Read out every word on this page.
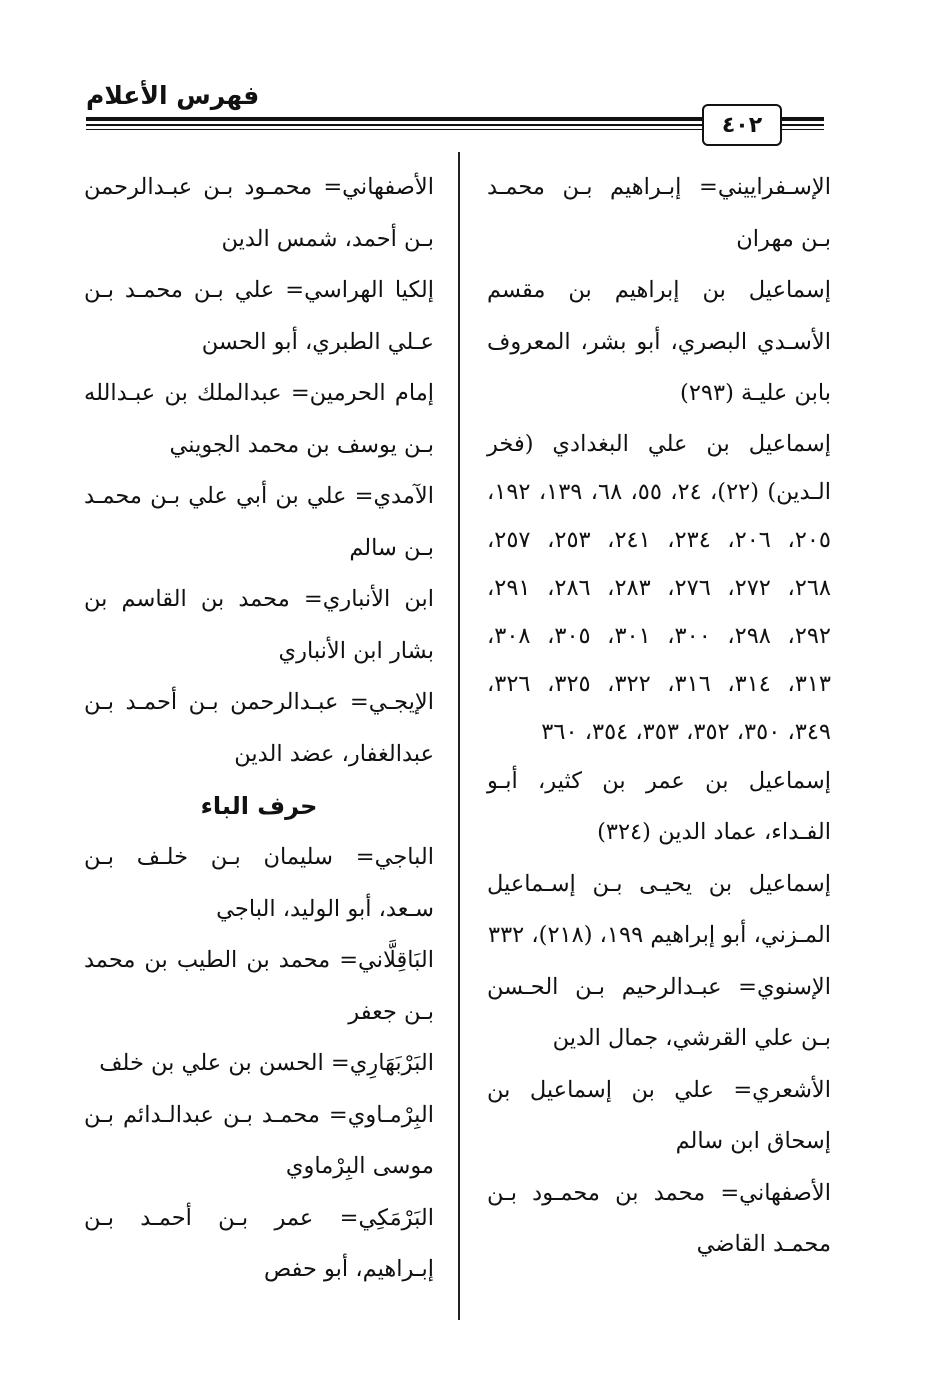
فهرس الأعلام
٤٠٢
الإسـفراييني= إبـراهيم بـن محمـد بـن مهران
إسماعيل بن إبراهيم بن مقسم الأسـدي البصري، أبو بشر، المعروف بابن عليـة (٢٩٣)
إسماعيل بن علي البغدادي (فخر الـدين) (٢٢)، ٢٤، ٥٥، ٦٨، ١٣٩، ١٩٢، ٢٠٥، ٢٠٦، ٢٣٤، ٢٤١، ٢٥٣، ٢٥٧، ٢٦٨، ٢٧٢، ٢٧٦، ٢٨٣، ٢٨٦، ٢٩١، ٢٩٢، ٢٩٨، ٣٠٠، ٣٠١، ٣٠٥، ٣٠٨، ٣١٣، ٣١٤، ٣١٦، ٣٢٢، ٣٢٥، ٣٢٦، ٣٤٩، ٣٥٠، ٣٥٢، ٣٥٣، ٣٥٤، ٣٦٠
إسماعيل بن عمر بن كثير، أبـو الفـداء، عماد الدين (٣٢٤)
إسماعيل بن يحيـى بـن إسـماعيل المـزني، أبو إبراهيم ١٩٩، (٢١٨)، ٣٣٢
الإسنوي= عبـدالرحيم بـن الحـسن بـن علي القرشي، جمال الدين
الأشعري= علي بن إسماعيل بن إسحاق ابن سالم
الأصفهاني= محمد بن محمـود بـن محمـد القاضي
الأصفهاني= محمـود بـن عبـدالرحمن بـن أحمد، شمس الدين
إلكيا الهراسي= علي بـن محمـد بـن عـلي الطبري، أبو الحسن
إمام الحرمين= عبدالملك بن عبـدالله بـن يوسف بن محمد الجويني
الآمدي= علي بن أبي علي بـن محمـد بـن سالم
ابن الأنباري= محمد بن القاسم بن بشار ابن الأنباري
الإيجـي= عبـدالرحمن بـن أحمـد بـن عبدالغفار، عضد الدين
حرف الباء
الباجي= سليمان بـن خلـف بـن سـعد، أبو الوليد، الباجي
البَاقِلَّاني= محمد بن الطيب بن محمد بـن جعفر
البَرْبَهَارِي= الحسن بن علي بن خلف
البِرْمـاوي= محمـد بـن عبدالـدائم بـن موسى البِرْماوي
البَرْمَكِي= عمر بـن أحمـد بـن إبـراهيم، أبو حفص
